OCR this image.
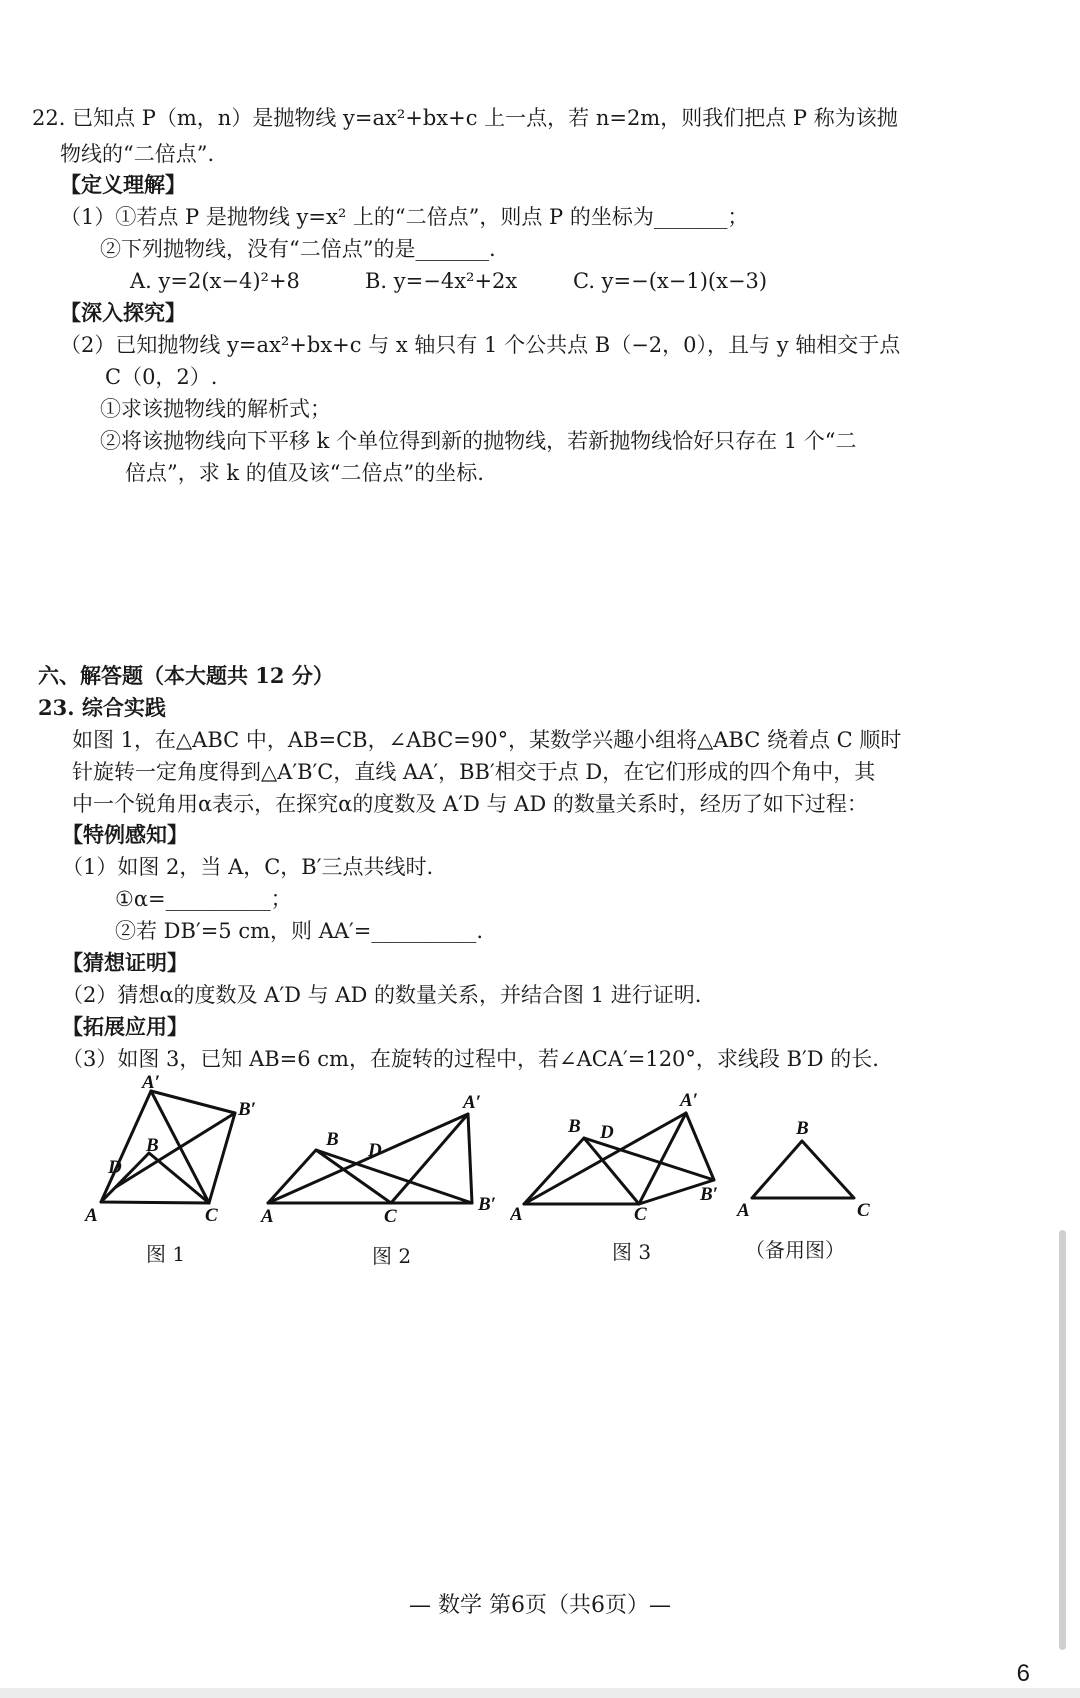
22. 已知点 P（m，n）是抛物线 y=ax²+bx+c 上一点，若 n=2m，则我们把点 P 称为该抛
物线的“二倍点”.
【定义理解】
（1）①若点 P 是抛物线 y=x² 上的“二倍点”，则点 P 的坐标为_______；
②下列抛物线，没有“二倍点”的是_______.
A. y=2(x−4)²+8	B. y=−4x²+2x	C. y=−(x−1)(x−3)
【深入探究】
（2）已知抛物线 y=ax²+bx+c 与 x 轴只有 1 个公共点 B（−2，0），且与 y 轴相交于点
C（0，2）.
①求该抛物线的解析式；
②将该抛物线向下平移 k 个单位得到新的抛物线，若新抛物线恰好只存在 1 个“二
倍点”，求 k 的值及该“二倍点”的坐标.
六、解答题（本大题共 12 分）
23. 综合实践
如图 1，在△ABC 中，AB=CB，∠ABC=90°，某数学兴趣小组将△ABC 绕着点 C 顺时
针旋转一定角度得到△A′B′C，直线 AA′，BB′相交于点 D，在它们形成的四个角中，其
中一个锐角用α表示，在探究α的度数及 A′D 与 AD 的数量关系时，经历了如下过程：
【特例感知】
（1）如图 2，当 A，C，B′三点共线时.
①α=__________；
②若 DB′=5 cm，则 AA′=__________.
【猜想证明】
（2）猜想α的度数及 A′D 与 AD 的数量关系，并结合图 1 进行证明.
【拓展应用】
（3）如图 3，已知 AB=6 cm，在旋转的过程中，若∠ACA′=120°，求线段 B′D 的长.
A′
B′
B
D
A	C
图 1
B
D
A′
A	C
B′
图 2
A′
B D
B′
A	C
图 3
B
A	C
（备用图）
— 数学 第6页（共6页）—
6
